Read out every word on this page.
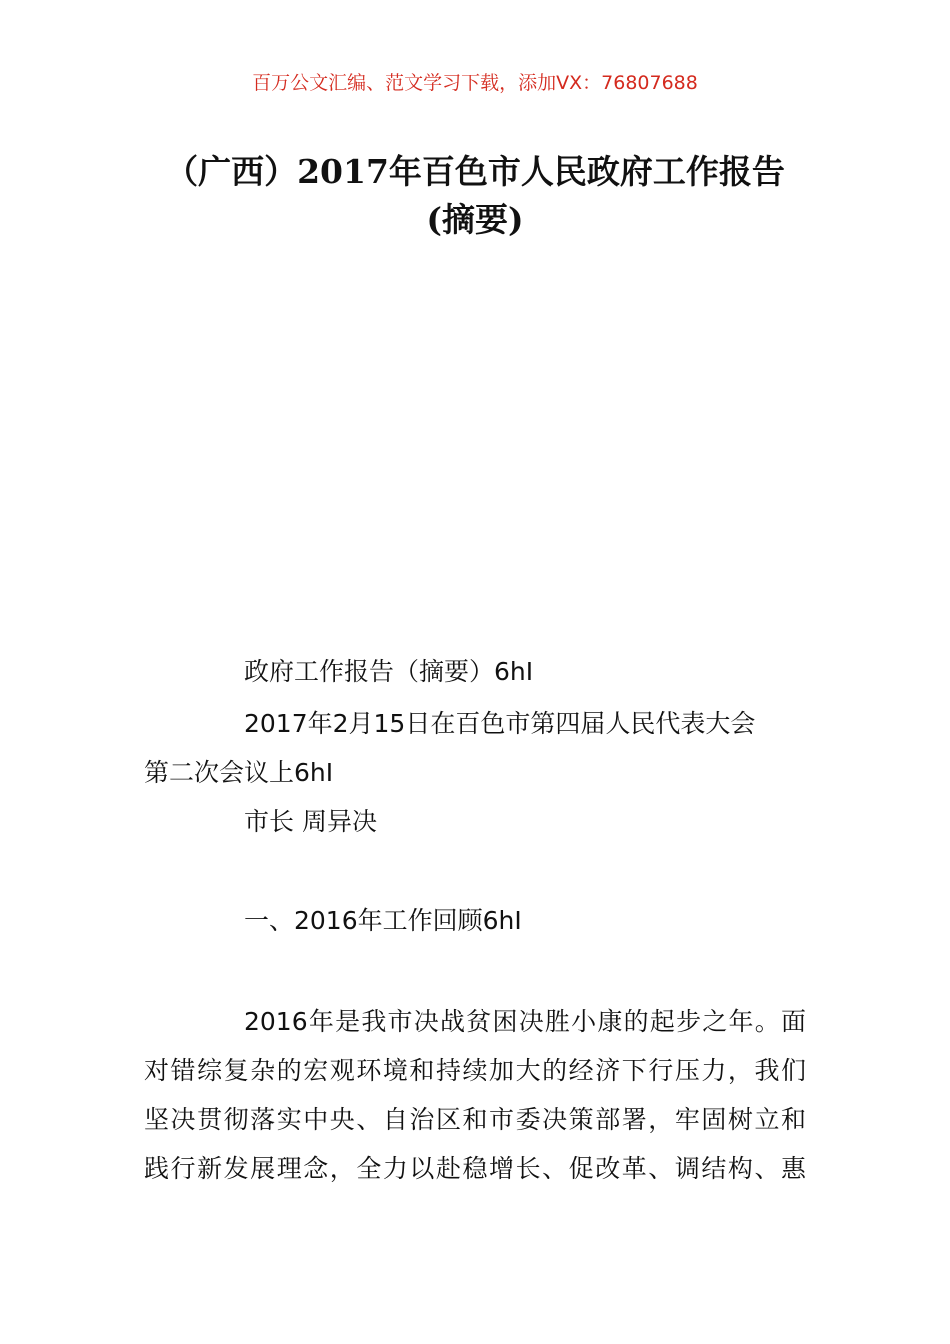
百万公文汇编、范文学习下载，添加VX：76807688
（广西）2017年百色市人民政府工作报告
(摘要)
政府工作报告（摘要）6hI
2017年2月15日在百色市第四届人民代表大会
第二次会议上6hI
市长 周异决
一、2016年工作回顾6hI
2016年是我市决战贫困决胜小康的起步之年。面
对错综复杂的宏观环境和持续加大的经济下行压力，我们
坚决贯彻落实中央、自治区和市委决策部署，牢固树立和
践行新发展理念，全力以赴稳增长、促改革、调结构、惠
